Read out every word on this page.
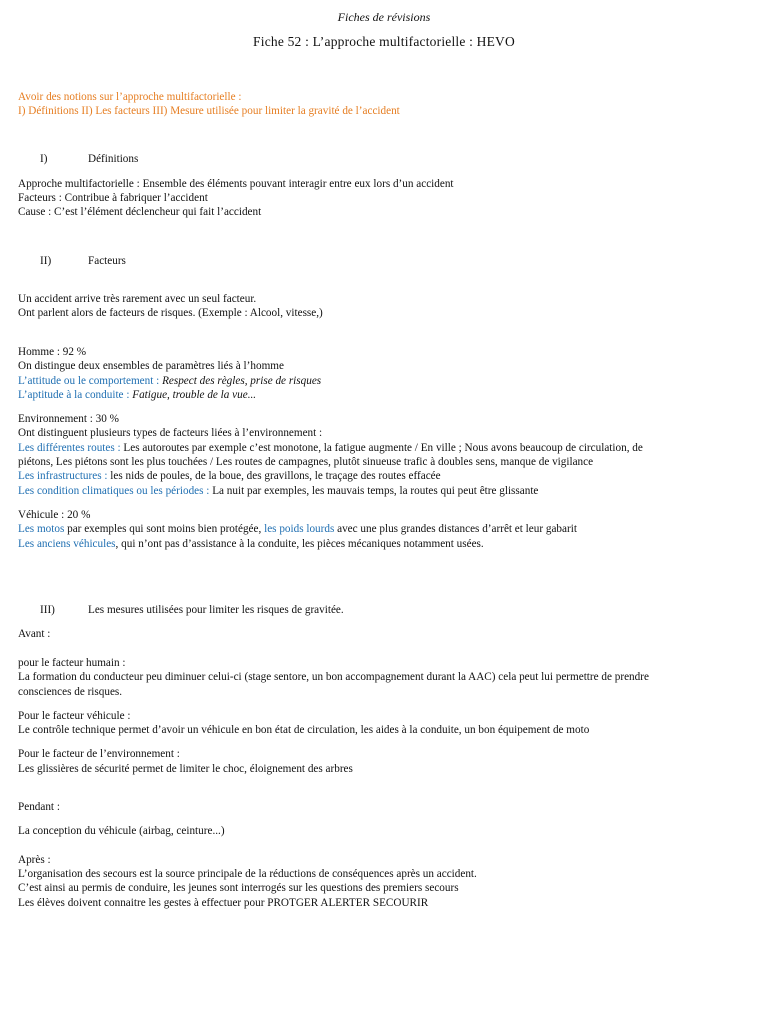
Fiches de révisions
Fiche 52 : L’approche multifactorielle : HEVO
Avoir des notions sur l’approche multifactorielle :
I) Définitions II) Les facteurs III) Mesure utilisée pour limiter la gravité de l’accident
I)	Définitions
Approche multifactorielle : Ensemble des éléments pouvant interagir entre eux lors d’un accident
Facteurs : Contribue à fabriquer l’accident
Cause : C’est l’élément déclencheur qui fait l’accident
II)	Facteurs
Un accident arrive très rarement avec un seul facteur.
Ont parlent alors de facteurs de risques. (Exemple : Alcool, vitesse,)
Homme : 92 %
On distingue deux ensembles de paramètres liés à l’homme
L’attitude ou le comportement : Respect des règles, prise de risques
L’aptitude à la conduite : Fatigue, trouble de la vue...
Environnement : 30 %
Ont distinguent plusieurs types de facteurs liées à l’environnement :
Les différentes routes : Les autoroutes par exemple c’est monotone, la fatigue augmente / En ville ; Nous avons beaucoup de circulation, de
piétons, Les piétons sont les plus touchées / Les routes de campagnes, plutôt sinueuse trafic à doubles sens, manque de vigilance
Les infrastructures : les nids de poules, de la boue, des gravillons, le traçage des routes effacée
Les condition climatiques ou les périodes : La nuit par exemples, les mauvais temps, la routes qui peut être glissante
Véhicule : 20 %
Les motos par exemples qui sont moins bien protégée, les poids lourds avec une plus grandes distances d’arrêt et leur gabarit
Les anciens véhicules, qui n’ont pas d’assistance à la conduite, les pièces mécaniques notamment usées.
III)	Les mesures utilisées pour limiter les risques de gravitée.
Avant :
pour le facteur humain :
La formation du conducteur peu diminuer celui-ci (stage sentore, un bon accompagnement durant la AAC) cela peut lui permettre de prendre
consciences de risques.
Pour le facteur véhicule :
Le contrôle technique permet d’avoir un véhicule en bon état de circulation, les aides à la conduite, un bon équipement de moto
Pour le facteur de l’environnement :
Les glissières de sécurité permet de limiter le choc, éloignement des arbres
Pendant :
La conception du véhicule (airbag, ceinture...)
Après :
L’organisation des secours est la source principale de la réductions de conséquences après un accident.
C’est ainsi au permis de conduire, les jeunes sont interrogés sur les questions des premiers secours
Les élèves doivent connaitre les gestes à effectuer pour PROTGER ALERTER SECOURIR
